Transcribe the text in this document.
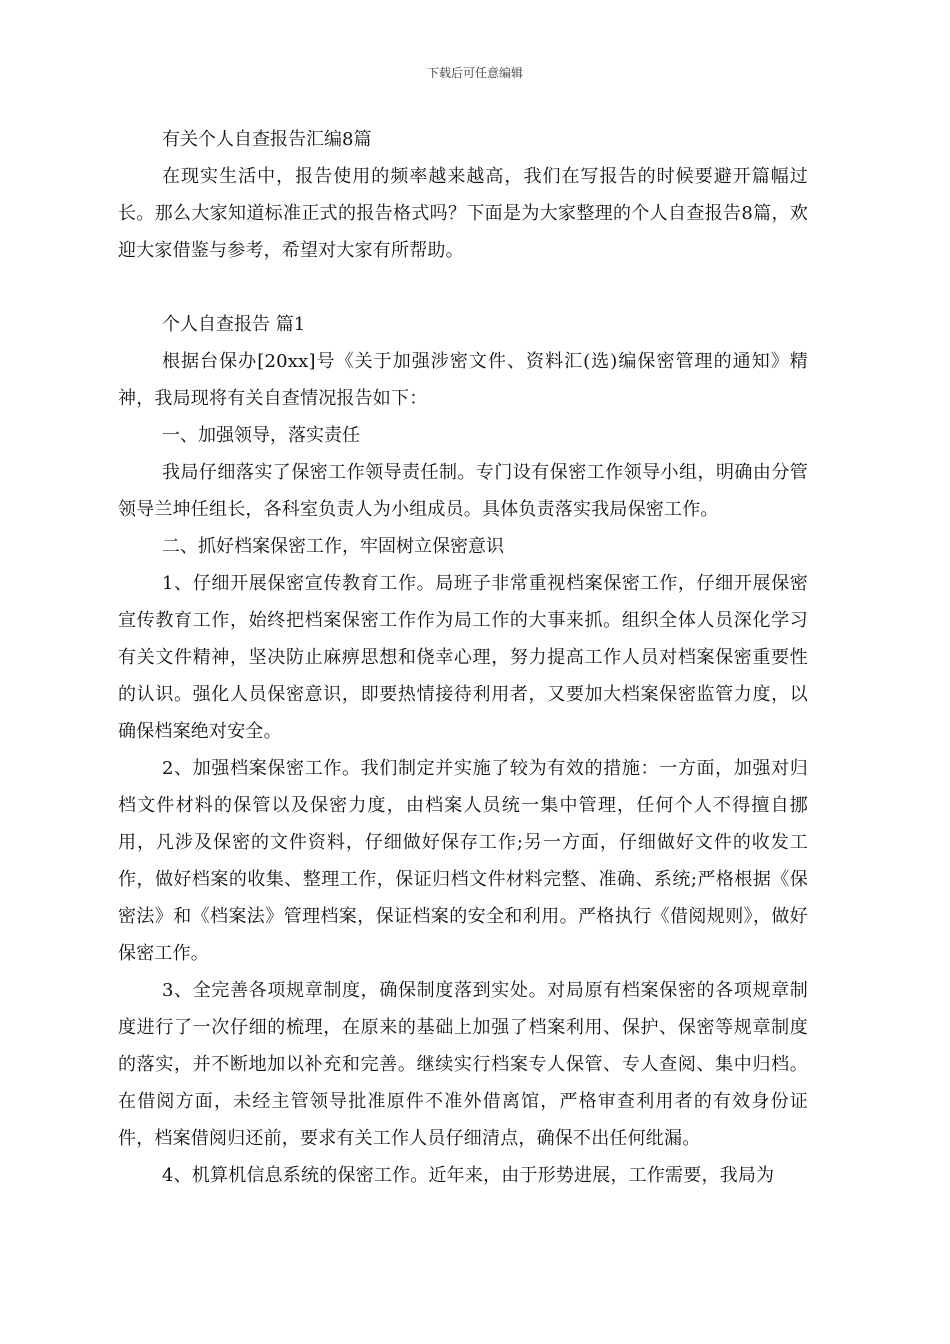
下载后可任意编辑

有关个人自查报告汇编8篇

在现实生活中，报告使用的频率越来越高，我们在写报告的时候要避开篇幅过长。那么大家知道标准正式的报告格式吗？下面是为大家整理的个人自查报告8篇，欢迎大家借鉴与参考，希望对大家有所帮助。

个人自查报告 篇1

根据台保办[20xx]号《关于加强涉密文件、资料汇(选)编保密管理的通知》精神，我局现将有关自查情况报告如下：

一、加强领导，落实责任

我局仔细落实了保密工作领导责任制。专门设有保密工作领导小组，明确由分管领导兰坤任组长，各科室负责人为小组成员。具体负责落实我局保密工作。

二、抓好档案保密工作，牢固树立保密意识

1、仔细开展保密宣传教育工作。局班子非常重视档案保密工作，仔细开展保密宣传教育工作，始终把档案保密工作作为局工作的大事来抓。组织全体人员深化学习有关文件精神，坚决防止麻痹思想和侥幸心理，努力提高工作人员对档案保密重要性的认识。强化人员保密意识，即要热情接待利用者，又要加大档案保密监管力度，以确保档案绝对安全。

2、加强档案保密工作。我们制定并实施了较为有效的措施：一方面，加强对归档文件材料的保管以及保密力度，由档案人员统一集中管理，任何个人不得擅自挪用，凡涉及保密的文件资料，仔细做好保存工作;另一方面，仔细做好文件的收发工作，做好档案的收集、整理工作，保证归档文件材料完整、准确、系统;严格根据《保密法》和《档案法》管理档案，保证档案的安全和利用。严格执行《借阅规则》，做好保密工作。

3、全完善各项规章制度，确保制度落到实处。对局原有档案保密的各项规章制度进行了一次仔细的梳理，在原来的基础上加强了档案利用、保护、保密等规章制度的落实，并不断地加以补充和完善。继续实行档案专人保管、专人查阅、集中归档。在借阅方面，未经主管领导批准原件不准外借离馆，严格审查利用者的有效身份证件，档案借阅归还前，要求有关工作人员仔细清点，确保不出任何纰漏。

4、机算机信息系统的保密工作。近年来，由于形势进展，工作需要，我局为
